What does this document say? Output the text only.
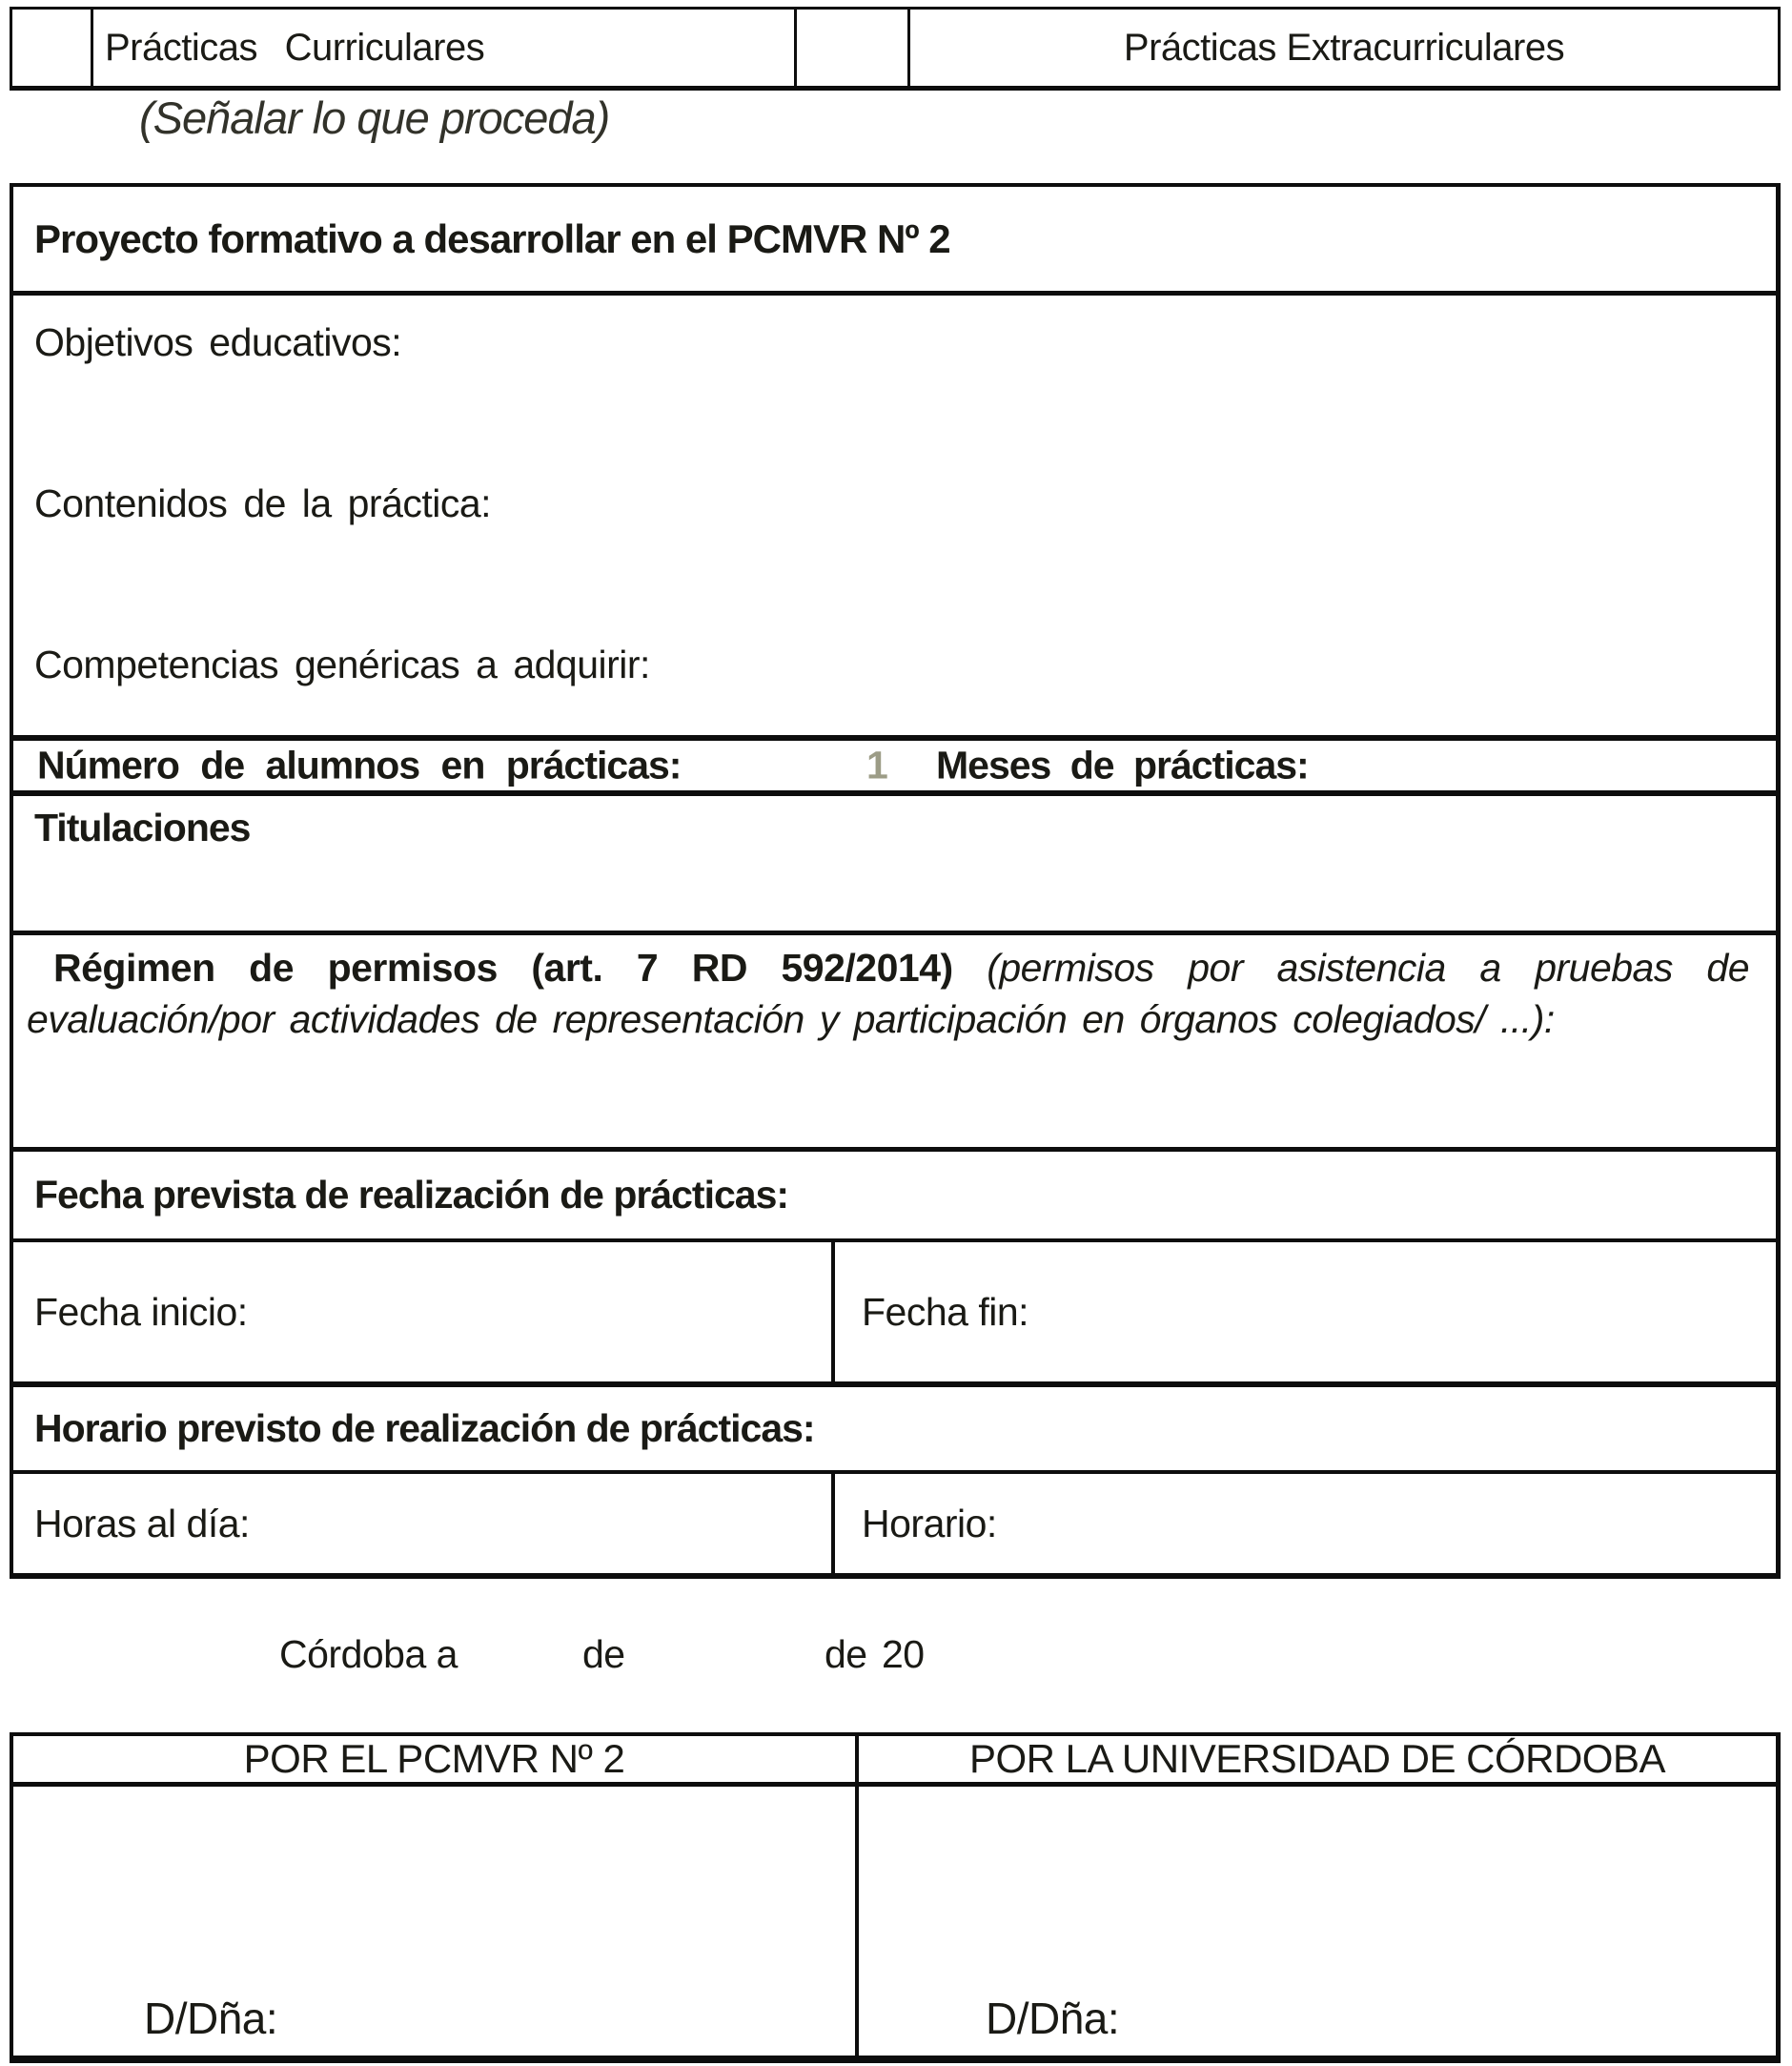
Prácticas Curriculares	Prácticas Extracurriculares
(Señalar lo que proceda)
Proyecto formativo a desarrollar en el PCMVR Nº 2
Objetivos educativos:
Contenidos de la práctica:
Competencias genéricas a adquirir:
Número de alumnos en prácticas:	1 Meses de prácticas:
Titulaciones
Régimen de permisos (art. 7 RD 592/2014) (permisos por asistencia a pruebas de
evaluación/por actividades de representación y participación en órganos colegiados/ ...):
Fecha prevista de realización de prácticas:
Fecha inicio:	Fecha fin:
Horario previsto de realización de prácticas:
Horas al día:	Horario:
Córdoba a	de	de 20
POR EL PCMVR Nº 2	POR LA UNIVERSIDAD DE CÓRDOBA
D/Dña:	D/Dña:
